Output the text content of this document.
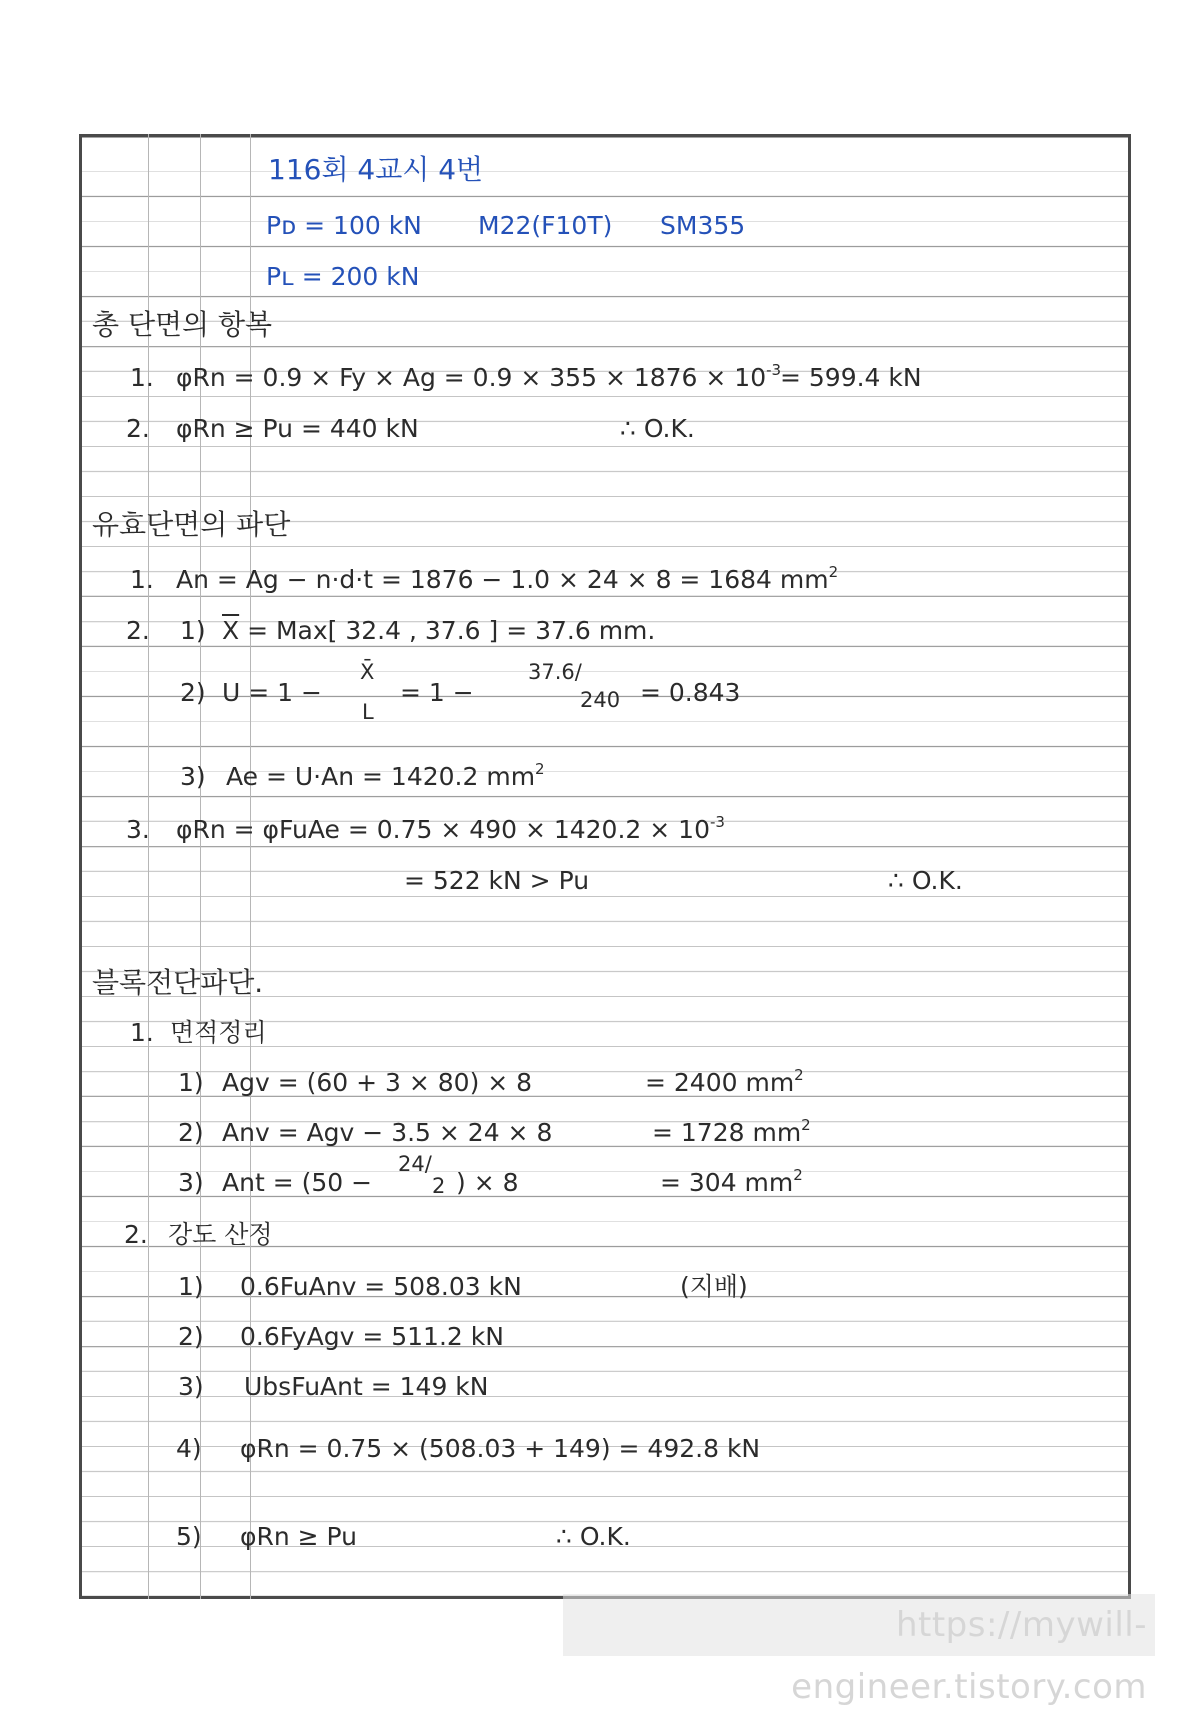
116회 4교시 4번
Pᴅ = 100 kN M22(F10T) SM355
Pʟ = 200 kN
총 단면의 항복
1. $\varphi Rn = 0.9 \times Fy \times Ag = 0.9 \times 355 \times 1876 \times 10^{-3}$
= 599.4 kN
2. φRn ≥ Pu = 440 kN	∴ O.K.
유효단면의 파단
1. An = Ag − n·d·t = 1876 − 1.0 × 24 × 8 = 1684 $mm^2$
2. 1) $\overline{X} = Max$[ 32.4 , 37.6 ] = 37.6 mm.
2) U = 1 −
X̄
L
= 1 −
37.6/
240 = 0.843
3) Ae = U·An = 1420.2 $mm^2$
3. φRn = φFuAe = $0.75 \times 490 \times 1420.2 \times 10^{-3}$
= 522 kN > Pu	∴ O.K.
블록전단파단.
1. 면적정리
1) Agv = (60 + 3 × 80) × 8	= 2400 $mm^2$
2) Anv = Agv − 3.5 × 24 × 8	= 1728 $mm^2$
3) Ant = (50 −
24/
2 ) × 8	= 304 $mm^2$
2. 강도 산정
1) 0.6FuAnv = 508.03 kN	(지배)
2) 0.6FyAgv = 511.2 kN
3) UbsFuAnt = 149 kN
4) φRn = 0.75 × (508.03 + 149) = 492.8 kN
5) φRn ≥ Pu	∴ O.K.
https://mywill-engineer.tistory.com
